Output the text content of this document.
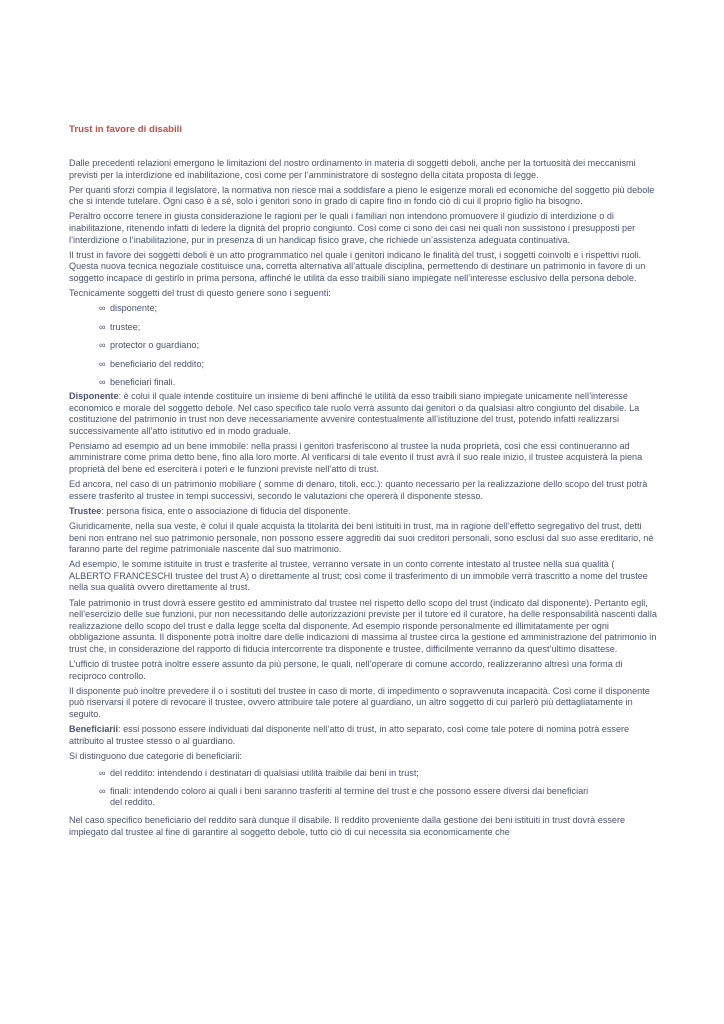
Trust in favore di disabili

Dalle precedenti relazioni emergono le limitazioni del nostro ordinamento in materia di soggetti deboli, anche per la tortuosità dei meccanismi previsti per la interdizione ed inabilitazione, così come per l’amministratore di sostegno della citata proposta di legge.

Per quanti sforzi compia il legislatore, la normativa non riesce mai a soddisfare a pieno le esigenze morali ed economiche del soggetto più debole che si intende tutelare. Ogni caso è a sé, solo i genitori sono in grado di capire fino in fondo ciò di cui il proprio figlio ha bisogno.

Peraltro occorre tenere in giusta considerazione le ragioni per le quali i familiari non intendono promuovere il giudizio di interdizione o di inabilitazione, ritenendo infatti di ledere la dignità del proprio congiunto. Così come ci sono dei casi nei quali non sussistono i presupposti per l’interdizione o l’inabilitazione, pur in presenza di un handicap fisico grave, che richiede un’assistenza adeguata continuativa.

Il trust in favore dei soggetti deboli è un atto programmatico nel quale i genitori indicano le finalità del trust, i soggetti coinvolti e i rispettivi ruoli. Questa nuova tecnica negoziale costituisce una, corretta alternativa all’attuale disciplina, permettendo di destinare un patrimonio in favore di un soggetto incapace di gestirlo in prima persona, affinché le utilità da esso traibili siano impiegate nell’interesse esclusivo della persona debole.

Tecnicamente soggetti del trust di questo genere sono i seguenti:

∞ disponente;
∞ trustee;
∞ protector o guardiano;
∞ beneficiario del reddito;
∞ beneficiari finali.

Disponente: è colui il quale intende costituire un insieme di beni affinché le utilità da esso traibili siano impiegate unicamente nell’interesse economico e morale del soggetto debole. Nel caso specifico tale ruolo verrà assunto dai genitori o da qualsiasi altro congiunto del disabile. La costituzione del patrimonio in trust non deve necessariamente avvenire contestualmente all’istituzione del trust, potendo infatti realizzarsi successivamente all’atto istitutivo ed in modo graduale.

Pensiamo ad esempio ad un bene immobile: nella prassi i genitori trasferiscono al trustee la nuda proprietà, così che essi continueranno ad amministrare come prima detto bene, fino alla loro morte. Al verificarsi di tale evento il trust avrà il suo reale inizio, il trustee acquisterà la piena proprietà del bene ed eserciterà i poteri e le funzioni previste nell’atto di trust.

Ed ancora, nel caso di un patrimonio mobiliare ( somme di denaro, titoli, ecc.): quanto necessario per la realizzazione dello scopo del trust potrà essere trasferito al trustee in tempi successivi, secondo le valutazioni che opererà il disponente stesso.

Trustee: persona fisica, ente o associazione di fiducia del disponente.

Giuridicamente, nella sua veste, è colui il quale acquista la titolarità dei beni istituiti in trust, ma in ragione dell’effetto segregativo del trust, detti beni non entrano nel suo patrimonio personale, non possono essere aggrediti dai suoi creditori personali, sono esclusi dal suo asse ereditario, né faranno parte del regime patrimoniale nascente dal suo matrimonio.

Ad esempio, le somme istituite in trust e trasferite al trustee, verranno versate in un conto corrente intestato al trustee nella sua qualità ( ALBERTO FRANCESCHI trustee del trust A) o direttamente al trust; così come il trasferimento di un immobile verrà trascritto a nome del trustee nella sua qualità ovvero direttamente al trust.

Tale patrimonio in trust dovrà essere gestito ed amministrato dal trustee nel rispetto dello scopo del trust (indicato dal disponente). Pertanto egli, nell’esercizio delle sue funzioni, pur non necessitando delle autorizzazioni previste per il tutore ed il curatore, ha delle responsabilità nascenti dalla realizzazione dello scopo del trust e dalla legge scelta dal disponente. Ad esempio risponde personalmente ed illimitatamente per ogni obbligazione assunta. Il disponente potrà inoltre dare delle indicazioni di massima al trustee circa la gestione ed amministrazione del patrimonio in trust che, in considerazione del rapporto di fiducia intercorrente tra disponente e trustee, difficilmente verranno da quest’ultimo disattese.

L’ufficio di trustee potrà inoltre essere assunto da più persone, le quali, nell’operare di comune accordo, realizzeranno altresì una forma di reciproco controllo.

Il disponente può inoltre prevedere il o i sostituti del trustee in caso di morte, di impedimento o sopravvenuta incapacità. Così come il disponente può riservarsi il potere di revocare il trustee, ovvero attribuire tale potere al guardiano, un altro soggetto di cui parlerò più dettagliatamente in seguito.

Beneficiarii: essi possono essere individuati dal disponente nell’atto di trust, in atto separato, così come tale potere di nomina potrà essere attribuito al trustee stesso o al guardiano.

Si distinguono due categorie di beneficiarii:

∞ del reddito: intendendo i destinatari di qualsiasi utilità traibile dai beni in trust;
∞ finali: intendendo coloro ai quali i beni saranno trasferiti al termine del trust e che possono essere diversi dai beneficiari del reddito.

Nel caso specifico beneficiario del reddito sarà dunque il disabile. Il reddito proveniente dalla gestione dei beni istituiti in trust dovrà essere impiegato dal trustee al fine di garantire al soggetto debole, tutto ciò di cui necessita sia economicamente che
